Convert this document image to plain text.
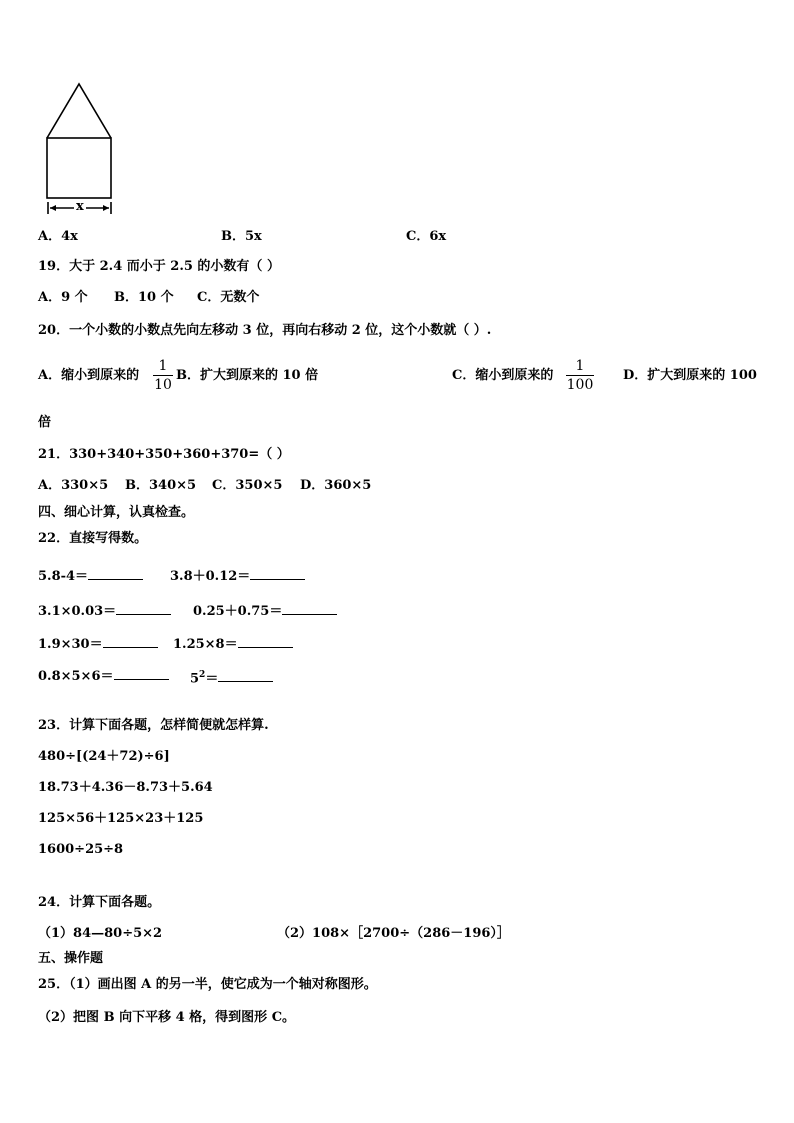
x
A．4x	B．5x	C．6x
19．大于 2.4 而小于 2.5 的小数有（ ）
A．9 个 B．10 个 C．无数个
20．一个小数的小数点先向左移动 3 位，再向右移动 2 位，这个小数就（ ）.
A．缩小到原来的
1
10
B．扩大到原来的 10 倍	C．缩小到原来的
1
100
D．扩大到原来的 100
倍
21．330+340+350+360+370=（ ）
A．330×5 B．340×5 C．350×5 D．360×5
四、细心计算，认真检查。
22．直接写得数。
5.8-4＝	3.8＋0.12＝
3.1×0.03＝	0.25＋0.75＝
1.9×30＝	1.25×8＝
0.8×5×6＝	$5^2=$
23．计算下面各题，怎样简便就怎样算.
480÷[(24＋72)÷6]
18.73＋4.36－8.73＋5.64
125×56＋125×23＋125
1600÷25÷8
24．计算下面各题。
（1）84—80÷5×2	（2）108×［2700÷（286－196）］
五、操作题
25．（1）画出图 A 的另一半，使它成为一个轴对称图形。
（2）把图 B 向下平移 4 格，得到图形 C。
